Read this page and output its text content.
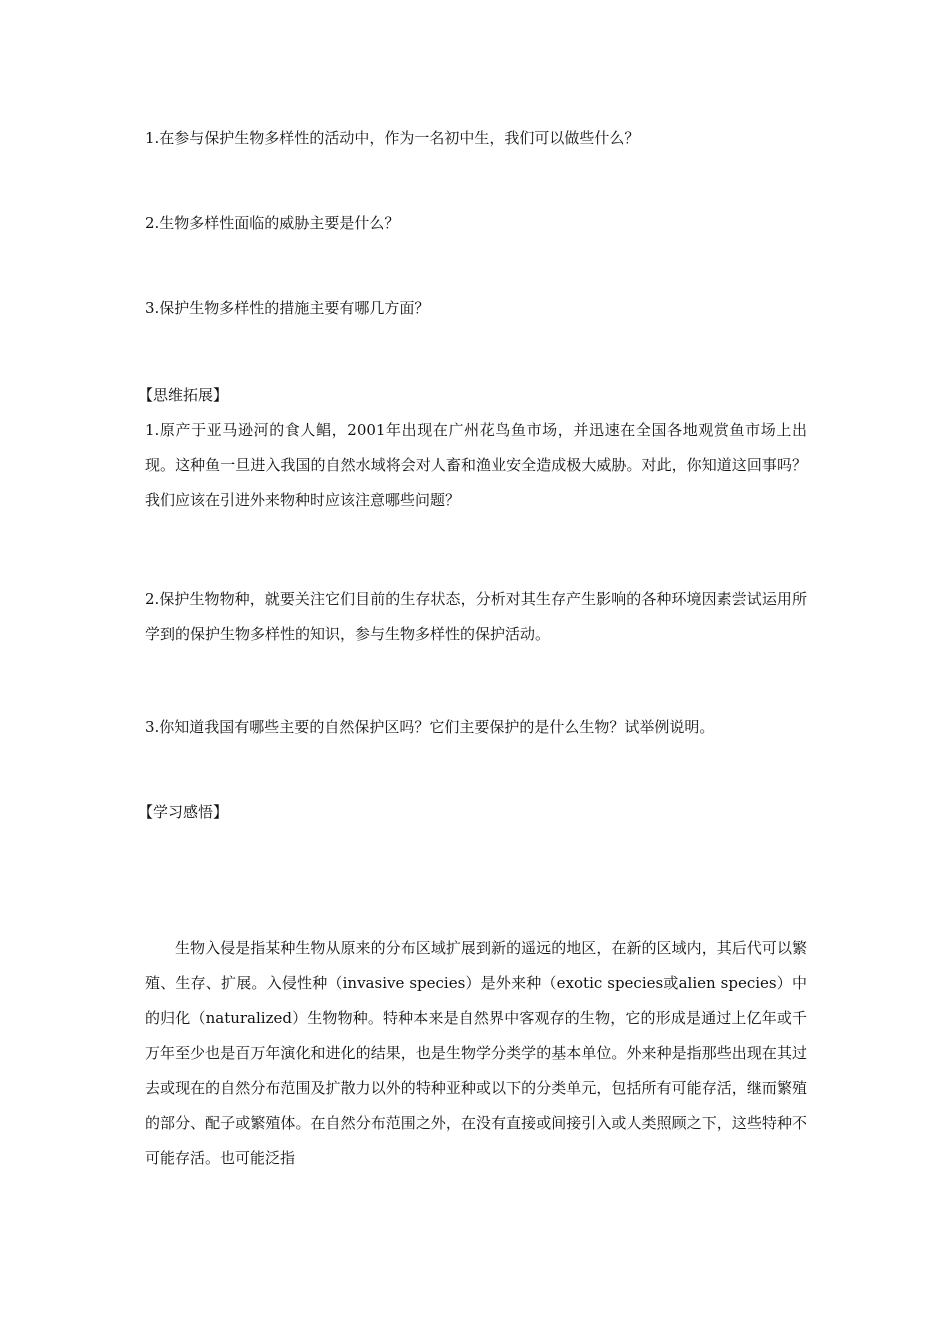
1.在参与保护生物多样性的活动中，作为一名初中生，我们可以做些什么？
2.生物多样性面临的威胁主要是什么？
3.保护生物多样性的措施主要有哪几方面？
【思维拓展】

1.原产于亚马逊河的食人鲳，2001年出现在广州花鸟鱼市场，并迅速在全国各地观赏鱼市场上出现。这种鱼一旦进入我国的自然水域将会对人畜和渔业安全造成极大威胁。对此，你知道这回事吗？我们应该在引进外来物种时应该注意哪些问题？

2.保护生物物种，就要关注它们目前的生存状态，分析对其生存产生影响的各种环境因素尝试运用所学到的保护生物多样性的知识，参与生物多样性的保护活动。

3.你知道我国有哪些主要的自然保护区吗？它们主要保护的是什么生物？试举例说明。
【学习感悟】

生物入侵是指某种生物从原来的分布区域扩展到新的遥远的地区，在新的区域内，其后代可以繁殖、生存、扩展。入侵性种（invasive species）是外来种（exotic species或alien species）中的归化（naturalized）生物物种。特种本来是自然界中客观存的生物，它的形成是通过上亿年或千万年至少也是百万年演化和进化的结果，也是生物学分类学的基本单位。外来种是指那些出现在其过去或现在的自然分布范围及扩散力以外的特种亚种或以下的分类单元，包括所有可能存活，继而繁殖的部分、配子或繁殖体。在自然分布范围之外，在没有直接或间接引入或人类照顾之下，这些特种不可能存活。也可能泛指
